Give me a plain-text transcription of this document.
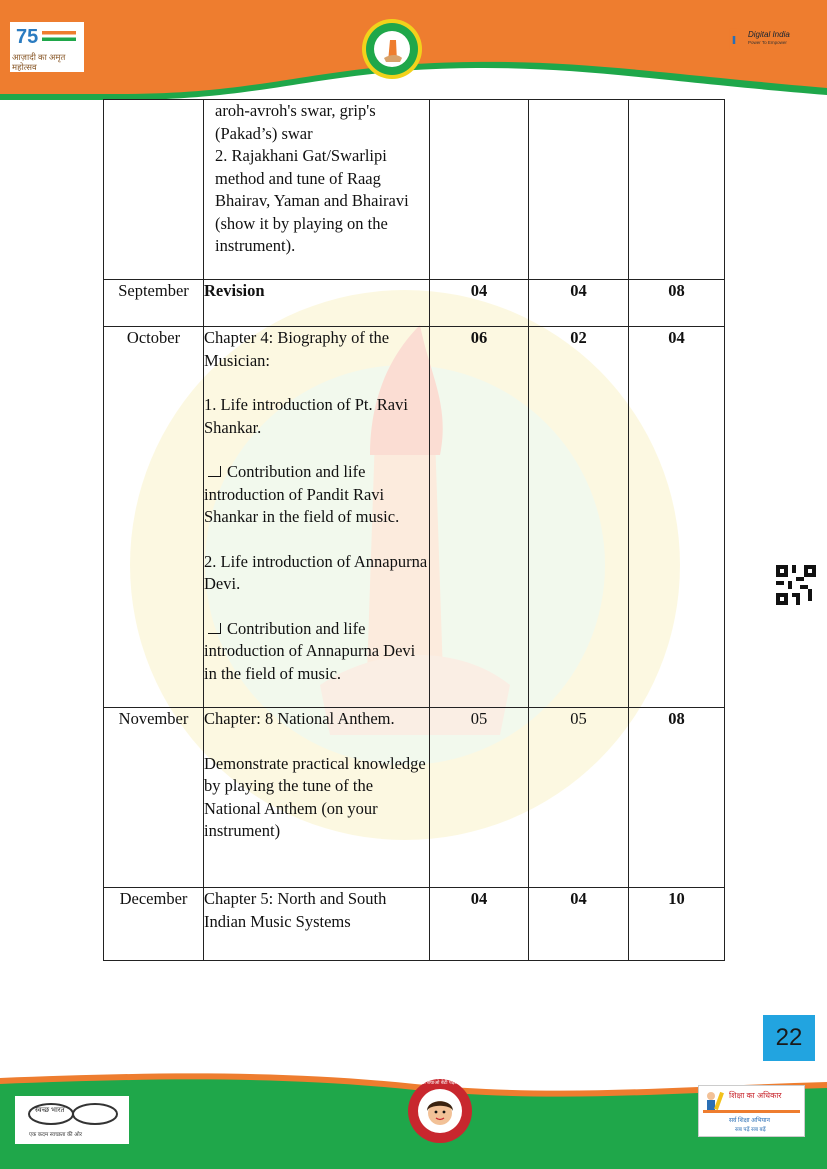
75
आज़ादी का अमृत महोत्सव
Digital India
Power To Empower

	aroh-avroh's swar, grip's (Pakad’s) swar
2. Rajakhani Gat/Swarlipi method and tune of Raag Bhairav, Yaman and Bhairavi (show it by playing on the instrument).			

September	Revision	04	04	08
October	Chapter 4: Biography of the Musician:
1. Life introduction of Pt. Ravi Shankar.
Contribution and life introduction of Pandit Ravi Shankar in the field of music.
2. Life introduction of Annapurna Devi.
Contribution and life introduction of Annapurna Devi in the field of music.	06	02	04
November	Chapter: 8 National Anthem.
Demonstrate practical knowledge by playing the tune of the National Anthem (on your instrument)	05	05	08
December	Chapter 5: North and South Indian Music Systems	04	04	10
22
स्वच्छ भारत
एक कदम स्वच्छता की ओर
बेटी बचाओ बेटी पढ़ाओ
शिक्षा का अधिकार
सर्व शिक्षा अभियान
सब पढ़ें सब बढ़ें
